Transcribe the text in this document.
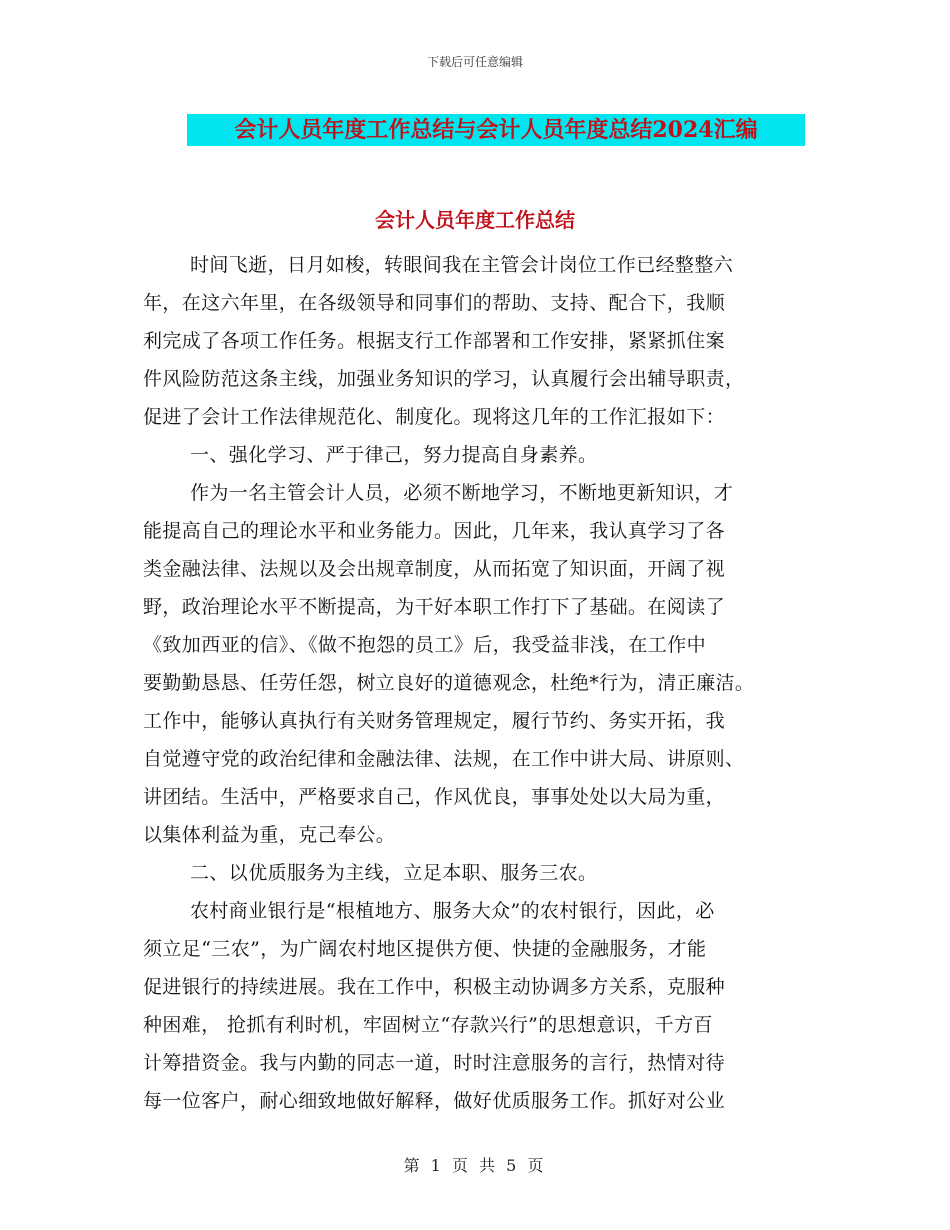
下载后可任意编辑
会计人员年度工作总结与会计人员年度总结2024汇编
会计人员年度工作总结
时间飞逝，日月如梭，转眼间我在主管会计岗位工作已经整整六
年，在这六年里，在各级领导和同事们的帮助、支持、配合下，我顺
利完成了各项工作任务。根据支行工作部署和工作安排，紧紧抓住案
件风险防范这条主线，加强业务知识的学习，认真履行会出辅导职责，
促进了会计工作法律规范化、制度化。现将这几年的工作汇报如下：
一、强化学习、严于律己，努力提高自身素养。
作为一名主管会计人员，必须不断地学习，不断地更新知识，才
能提高自己的理论水平和业务能力。因此，几年来，我认真学习了各
类金融法律、法规以及会出规章制度，从而拓宽了知识面，开阔了视
野，政治理论水平不断提高，为干好本职工作打下了基础。在阅读了
《致加西亚的信》、《做不抱怨的员工》后，我受益非浅，在工作中
要勤勤恳恳、任劳任怨，树立良好的道德观念，杜绝*行为，清正廉洁。
工作中，能够认真执行有关财务管理规定，履行节约、务实开拓，我
自觉遵守党的政治纪律和金融法律、法规，在工作中讲大局、讲原则、
讲团结。生活中，严格要求自己，作风优良，事事处处以大局为重，
以集体利益为重，克己奉公。
二、以优质服务为主线，立足本职、服务三农。
农村商业银行是“根植地方、服务大众”的农村银行，因此，必
须立足“三农”，为广阔农村地区提供方便、快捷的金融服务，才能
促进银行的持续进展。我在工作中，积极主动协调多方关系，克服种
种困难， 抢抓有利时机，牢固树立“存款兴行”的思想意识，千方百
计筹措资金。我与内勤的同志一道，时时注意服务的言行，热情对待
每一位客户，耐心细致地做好解释，做好优质服务工作。抓好对公业
第 1 页 共 5 页
